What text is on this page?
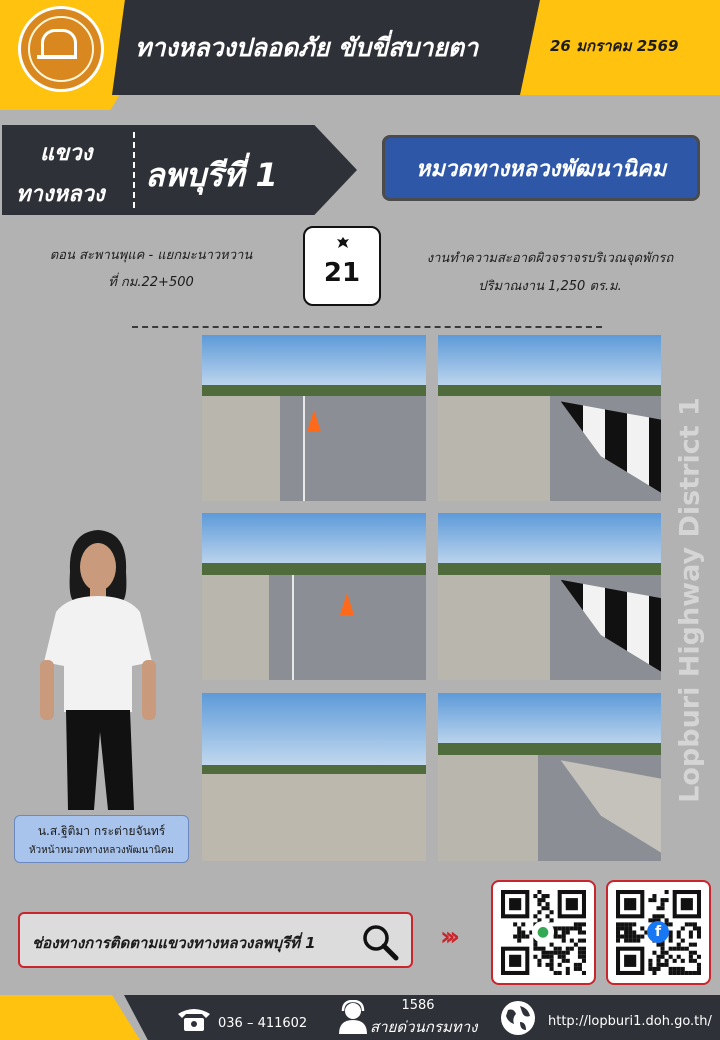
ทางหลวงปลอดภัย ขับขี่สบายตา	26 มกราคม 2569
แขวง
ทางหลวง
ลพบุรีที่ 1	หมวดทางหลวงพัฒนานิคม
ตอน สะพานพุแค - แยกมะนาวหวาน
ที่ กม.22+500	21	งานทำความสะอาดผิวจราจรบริเวณจุดพักรถ
ปริมาณงาน 1,250 ตร.ม.
Lopburi Highway District 1
น.ส.ฐิติมา กระต่ายจันทร์
หัวหน้าหมวดทางหลวงพัฒนานิคม
ช่องทางการติดตามแขวงทางหลวงลพบุรีที่ 1	›››	●	f
036 – 411602
1586
สายด่วนกรมทาง	http://lopburi1.doh.go.th/
